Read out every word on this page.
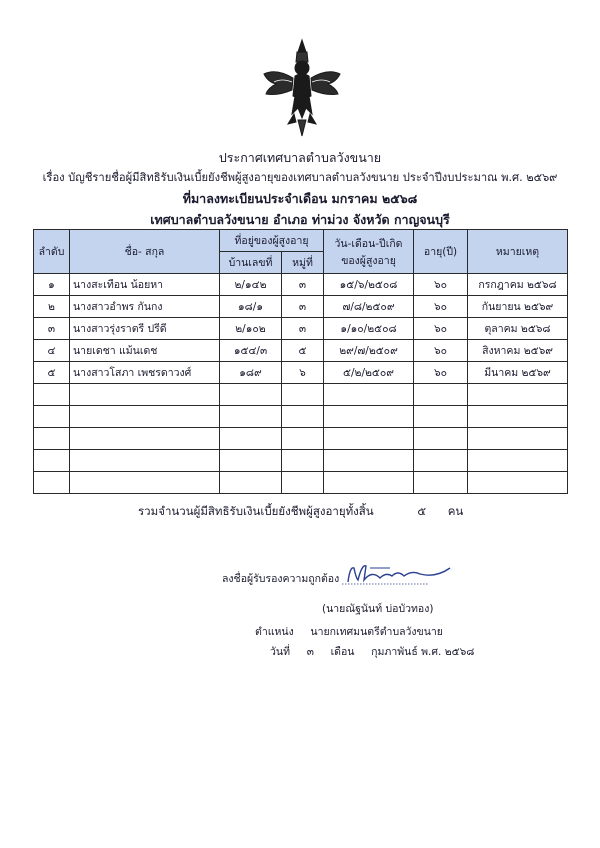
ประกาศเทศบาลตำบลวังขนาย
เรื่อง บัญชีรายชื่อผู้มีสิทธิรับเงินเบี้ยยังชีพผู้สูงอายุของเทศบาลตำบลวังขนาย ประจำปีงบประมาณ พ.ศ. ๒๕๖๙
ที่มาลงทะเบียนประจำเดือน มกราคม ๒๕๖๘
เทศบาลตำบลวังขนาย อำเภอ ท่าม่วง จังหวัด กาญจนบุรี
ลำดับ	ชื่อ- สกุล	ที่อยู่ของผู้สูงอายุ		วัน-เดือน-ปีเกิด
ของผู้สูงอายุ	อายุ(ปี)	หมายเหตุ
		บ้านเลขที่	หมู่ที่			
๑	นางสะเทือน น้อยหา	๒/๑๔๒	๓	๑๕/๖/๒๕๐๘	๖๐	กรกฎาคม ๒๕๖๘
๒	นางสาวอำพร กันกง	๑๘/๑	๓	๗/๘/๒๕๐๙	๖๐	กันยายน ๒๕๖๙
๓	นางสาวรุ่งราตรี ปรีดี	๒/๑๐๒	๓	๑/๑๐/๒๕๐๘	๖๐	ตุลาคม ๒๕๖๘
๔	นายเดชา แม้นเดช	๑๕๔/๓	๕	๒๙/๗/๒๕๐๙	๖๐	สิงหาคม ๒๕๖๙
๕	นางสาวโสภา เพชรดาวงศ์	๑๘๙	๖	๕/๒/๒๕๐๙	๖๐	มีนาคม ๒๕๖๙

รวมจำนวนผู้มีสิทธิรับเงินเบี้ยยังชีพผู้สูงอายุทั้งสิ้น	๕ คน
ลงชื่อผู้รับรองความถูกต้อง
(นายณัฐนันท์ บ่อบัวทอง)
ตำแหน่ง นายกเทศมนตรีตำบลวังขนาย
วันที่ ๓ เดือน กุมภาพันธ์ พ.ศ. ๒๕๖๘
